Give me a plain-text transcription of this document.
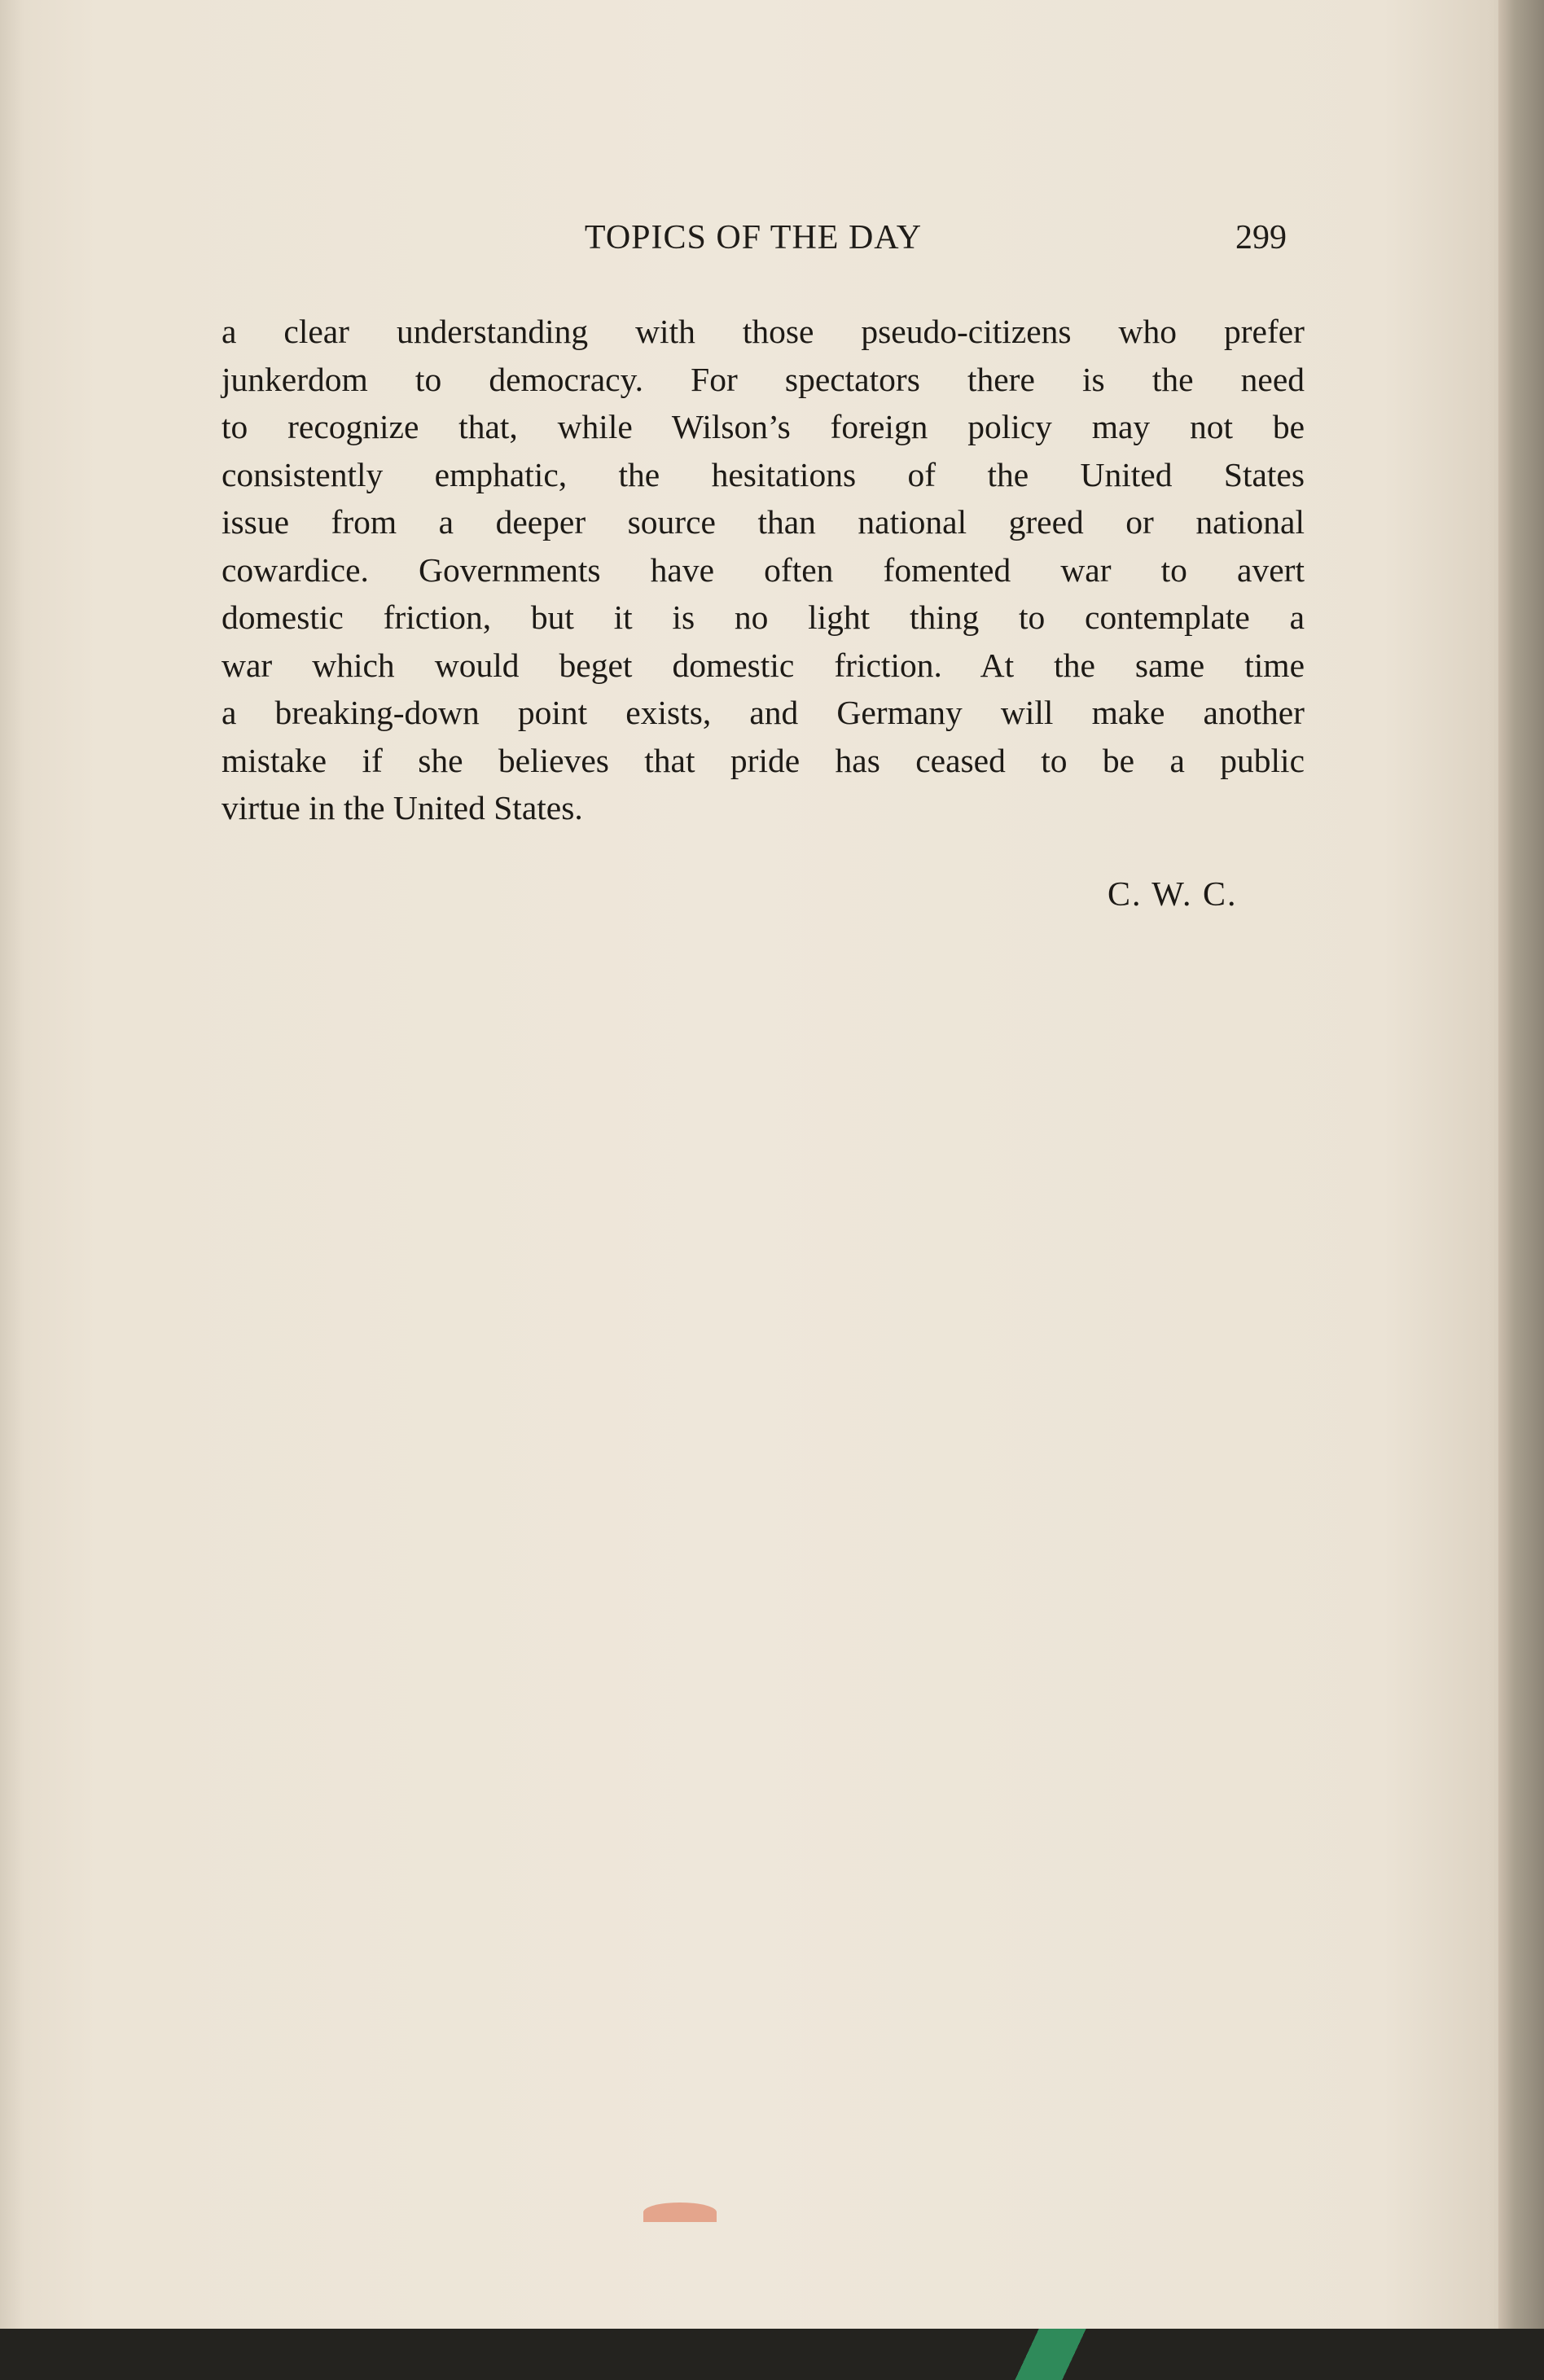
TOPICS OF THE DAY	299
a clear understanding with those pseudo-citizens who prefer
junkerdom to democracy. For spectators there is the need
to recognize that, while Wilson’s foreign policy may not be
consistently emphatic, the hesitations of the United States
issue from a deeper source than national greed or national
cowardice. Governments have often fomented war to avert
domestic friction, but it is no light thing to contemplate a
war which would beget domestic friction. At the same time
a breaking-down point exists, and Germany will make another
mistake if she believes that pride has ceased to be a public
virtue in the United States.
C. W. C.
